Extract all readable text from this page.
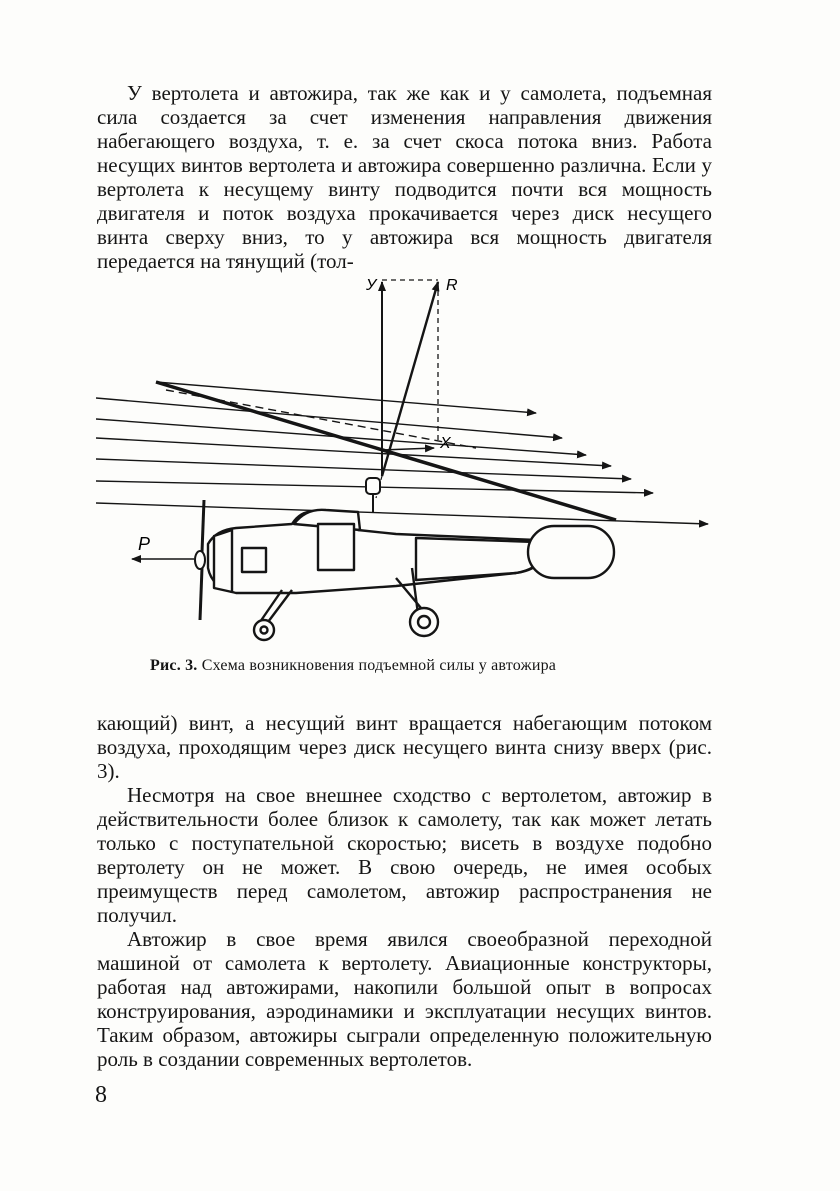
У вертолета и автожира, так же как и у самолета, подъемная сила создается за счет изменения направления движения набегающего воздуха, т. е. за счет скоса потока вниз. Работа несущих винтов вертолета и автожира совершенно различна. Если у вертолета к несущему винту подводится почти вся мощность двигателя и поток воздуха прокачивается через диск несущего винта сверху вниз, то у автожира вся мощность двигателя передается на тянущий (тол-

У	R
X
P
Рис. 3. Схема возникновения подъемной силы у автожира

кающий) винт, а несущий винт вращается набегающим потоком воздуха, проходящим через диск несущего винта снизу вверх (рис. 3).

Несмотря на свое внешнее сходство с вертолетом, автожир в действительности более близок к самолету, так как может летать только с поступательной скоростью; висеть в воздухе подобно вертолету он не может. В свою очередь, не имея особых преимуществ перед самолетом, автожир распространения не получил.

Автожир в свое время явился своеобразной переходной машиной от самолета к вертолету. Авиационные конструкторы, работая над автожирами, накопили большой опыт в вопросах конструирования, аэродинамики и эксплуатации несущих винтов. Таким образом, автожиры сыграли определенную положительную роль в создании современных вертолетов.

8
